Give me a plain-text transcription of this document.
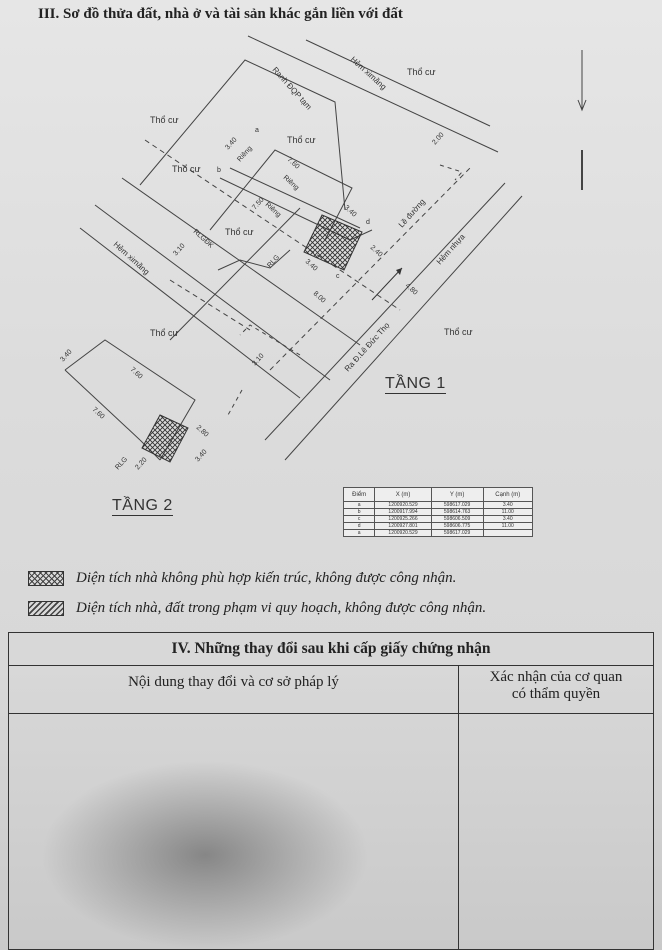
III. Sơ đồ thửa đất, nhà ở và tài sản khác gắn liền với đất
Thổ cư
Thổ cư
Thổ cư
Thổ cư
Thổ cư
Thổ cư	Thổ cư
Hẻm ximăng
Hẻm ximăng
Ranh ĐQP tạm
Lề đường
Hẻm nhựa
Ra Đ.Lê Đức Thọ
Riêng
Riêng
Riêng
RLGĐK
RLG
RLG
2.00
7.60
7.50
3.40
2.40
3.40
3.40
3.10
4.80
8.00
3.10
3.40
7.60
7.60
2.80
3.40
2.20
a
b
c
d
TẦNG 1
TẦNG 2
Điểm	X (m)	Y (m)	Cạnh (m)
a	1200920.529	598617.029	3.40
b	1200917.994	598614.763	11.00
c	1200925.266	598606.509	3.40
d	1200927.801	598606.775	11.00
a	1200920.529	598617.029	
Diện tích nhà không phù hợp kiến trúc, không được công nhận.
Diện tích nhà, đất trong phạm vi quy hoạch, không được công nhận.
IV. Những thay đổi sau khi cấp giấy chứng nhận	
Nội dung thay đổi và cơ sở pháp lý	Xác nhận của cơ quan
có thẩm quyền
